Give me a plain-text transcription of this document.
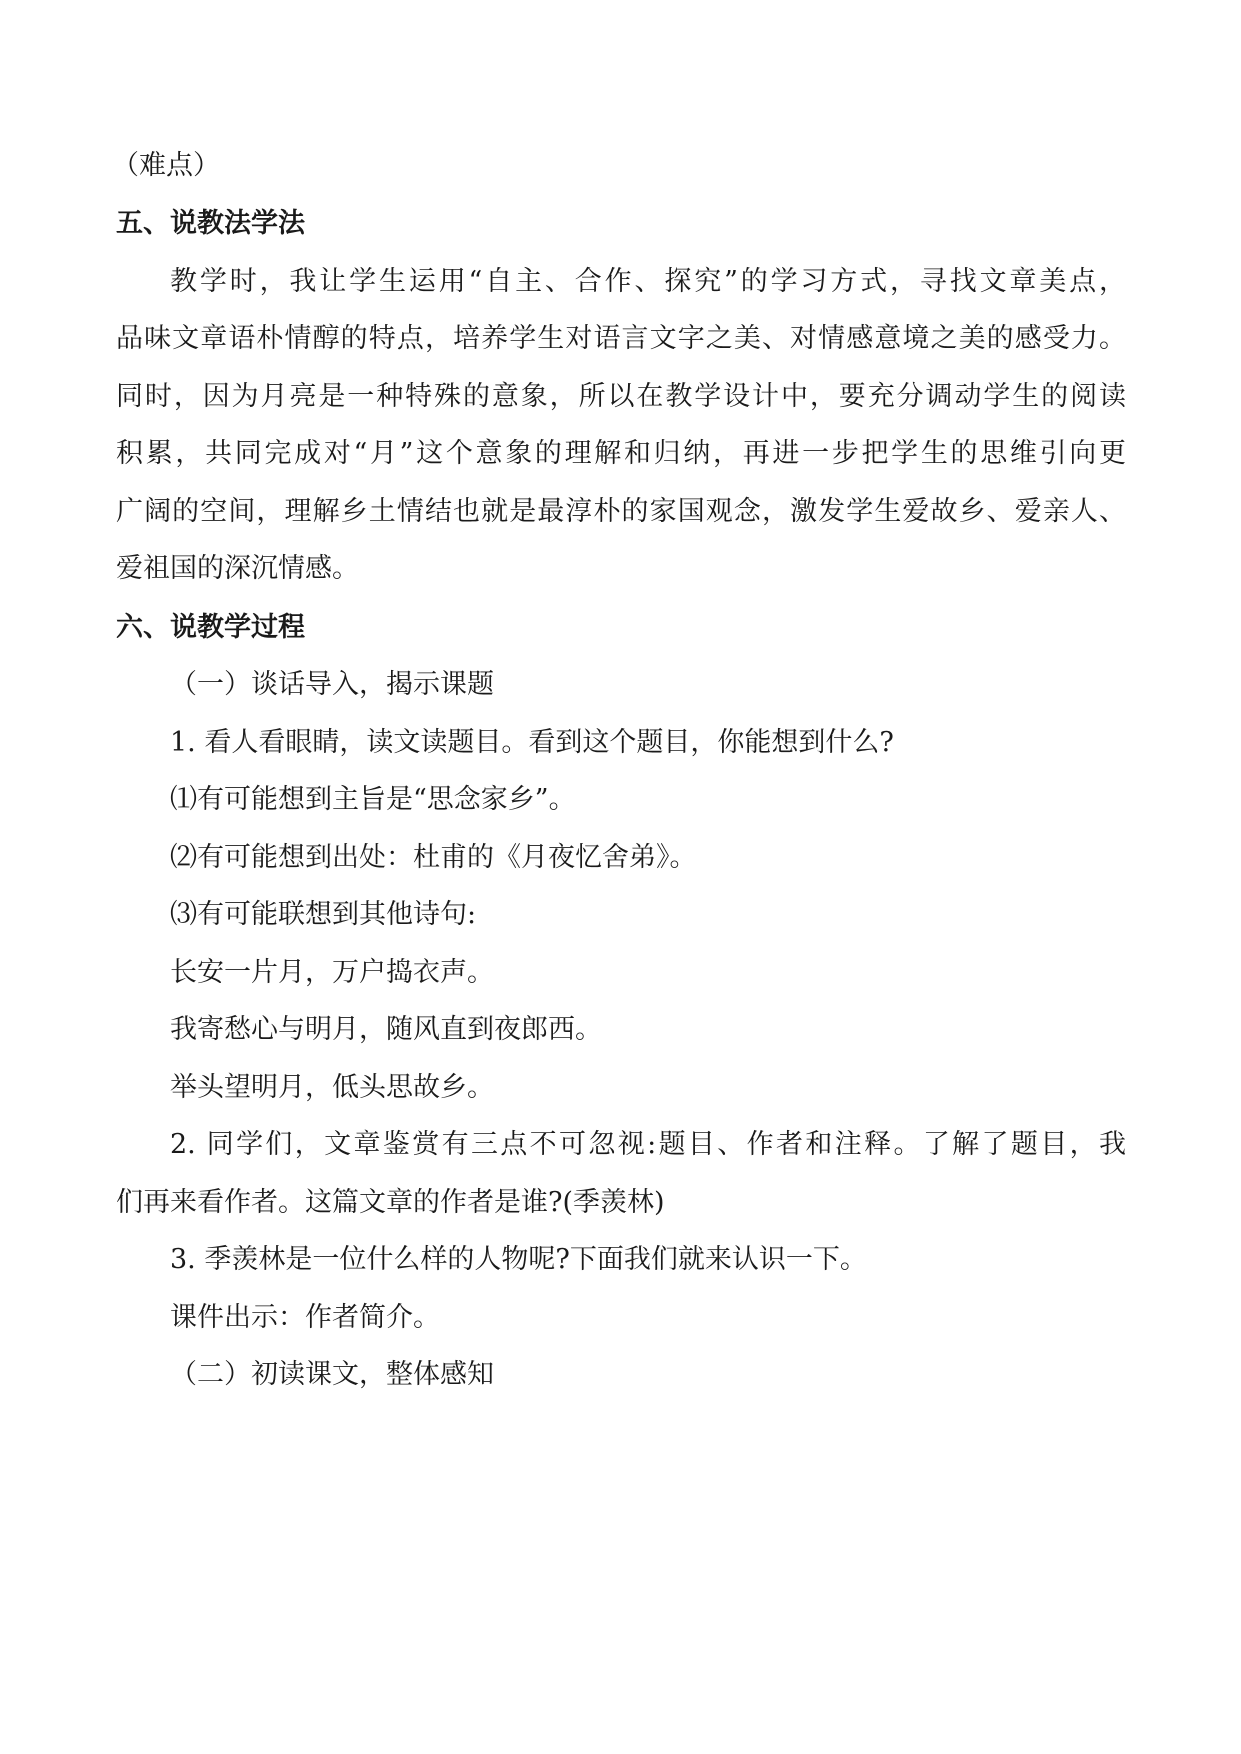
（难点）
五、说教法学法
教学时，我让学生运用“自主、合作、探究”的学习方式，寻找文章美点，
品味文章语朴情醇的特点，培养学生对语言文字之美、对情感意境之美的感受力。
同时，因为月亮是一种特殊的意象，所以在教学设计中，要充分调动学生的阅读
积累，共同完成对“月”这个意象的理解和归纳，再进一步把学生的思维引向更
广阔的空间，理解乡土情结也就是最淳朴的家国观念，激发学生爱故乡、爱亲人、
爱祖国的深沉情感。
六、说教学过程
（一）谈话导入，揭示课题
1. 看人看眼睛，读文读题目。看到这个题目，你能想到什么?
⑴有可能想到主旨是“思念家乡”。
⑵有可能想到出处：杜甫的《月夜忆舍弟》。
⑶有可能联想到其他诗句:
长安一片月，万户捣衣声。
我寄愁心与明月，随风直到夜郎西。
举头望明月，低头思故乡。
2. 同学们，文章鉴赏有三点不可忽视:题目、作者和注释。了解了题目，我
们再来看作者。这篇文章的作者是谁?(季羡林)
3. 季羡林是一位什么样的人物呢?下面我们就来认识一下。
课件出示：作者简介。
（二）初读课文，整体感知
